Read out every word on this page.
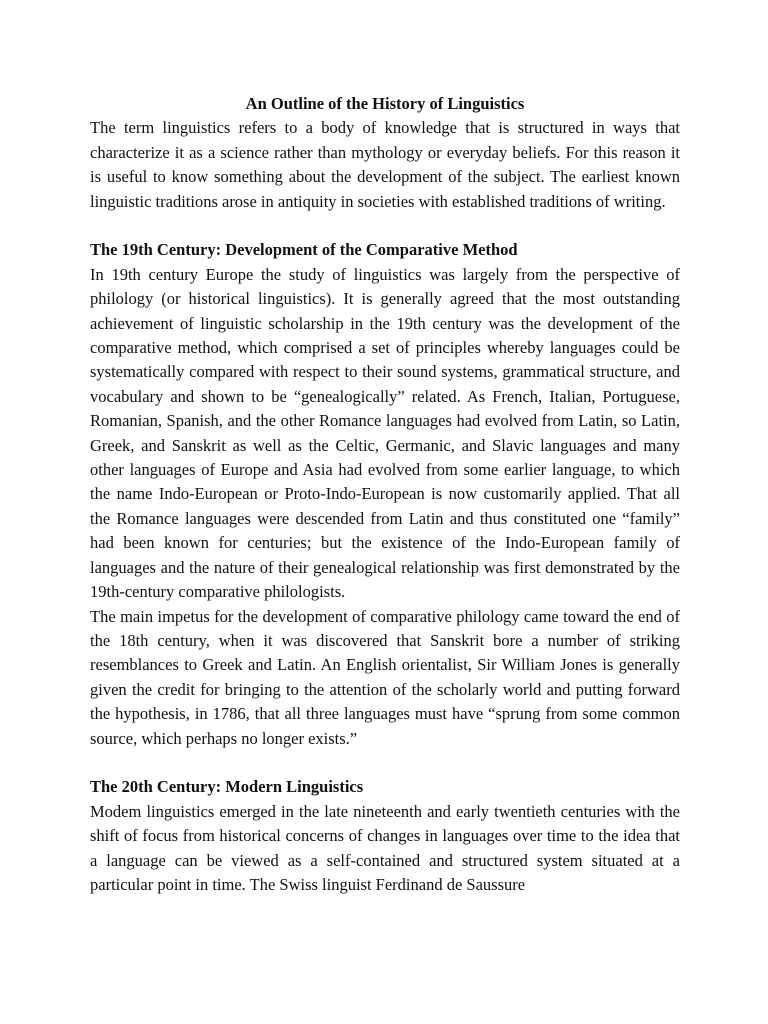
An Outline of the History of Linguistics

The term linguistics refers to a body of knowledge that is structured in ways that characterize it as a science rather than mythology or everyday beliefs. For this reason it is useful to know something about the development of the subject. The earliest known linguistic traditions arose in antiquity in societies with established traditions of writing.

The 19th Century: Development of the Comparative Method

In 19th century Europe the study of linguistics was largely from the perspective of philology (or historical linguistics). It is generally agreed that the most outstanding achievement of linguistic scholarship in the 19th century was the development of the comparative method, which comprised a set of principles whereby languages could be systematically compared with respect to their sound systems, grammatical structure, and vocabulary and shown to be “genealogically” related. As French, Italian, Portuguese, Romanian, Spanish, and the other Romance languages had evolved from Latin, so Latin, Greek, and Sanskrit as well as the Celtic, Germanic, and Slavic languages and many other languages of Europe and Asia had evolved from some earlier language, to which the name Indo-European or Proto-Indo-European is now customarily applied. That all the Romance languages were descended from Latin and thus constituted one “family” had been known for centuries; but the existence of the Indo-European family of languages and the nature of their genealogical relationship was first demonstrated by the 19th-century comparative philologists.

The main impetus for the development of comparative philology came toward the end of the 18th century, when it was discovered that Sanskrit bore a number of striking resemblances to Greek and Latin. An English orientalist, Sir William Jones is generally given the credit for bringing to the attention of the scholarly world and putting forward the hypothesis, in 1786, that all three languages must have “sprung from some common source, which perhaps no longer exists.”

The 20th Century: Modern Linguistics

Modem linguistics emerged in the late nineteenth and early twentieth centuries with the shift of focus from historical concerns of changes in languages over time to the idea that a language can be viewed as a self-contained and structured system situated at a particular point in time. The Swiss linguist Ferdinand de Saussure
